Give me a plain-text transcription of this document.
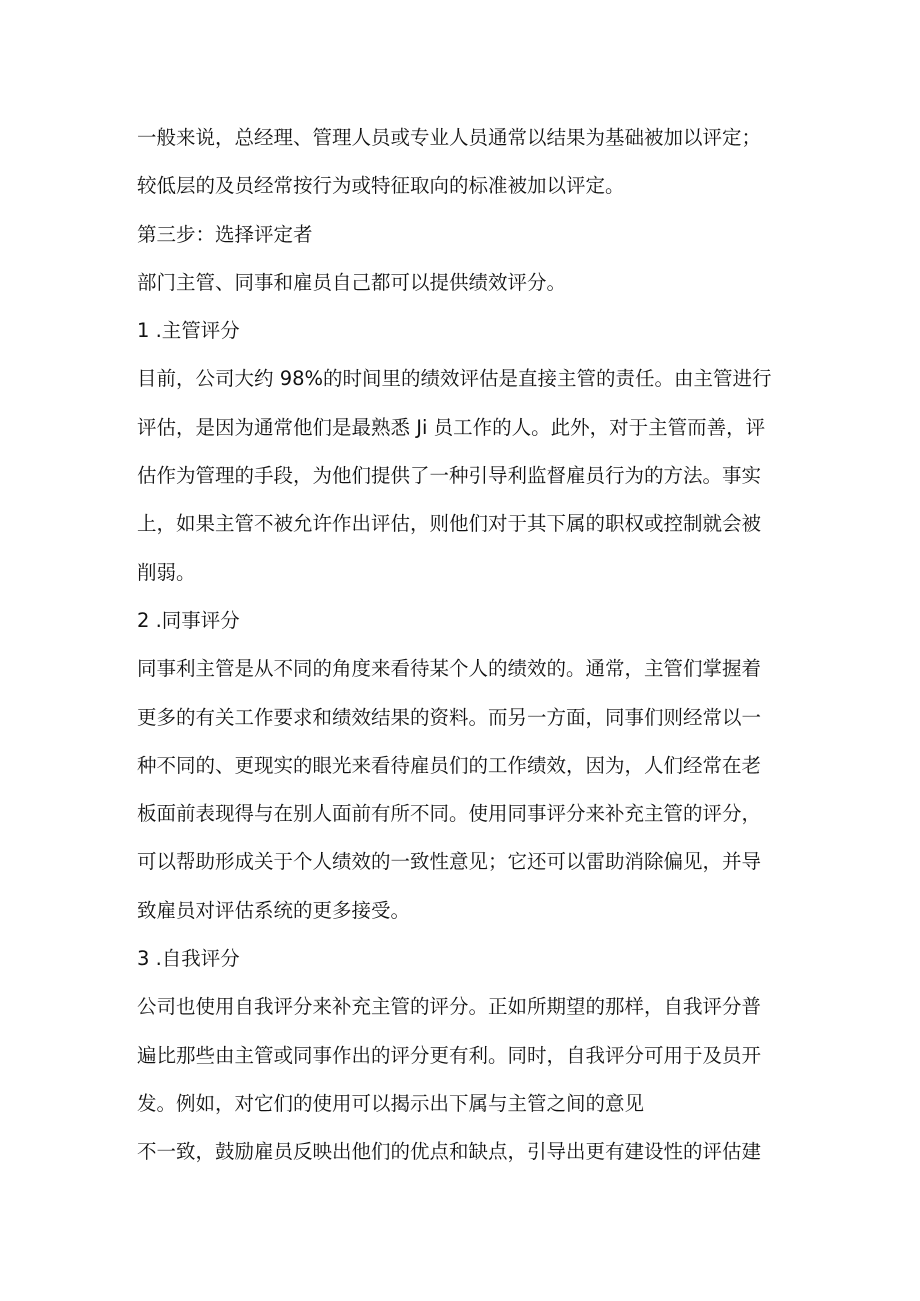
一般来说，总经理、管理人员或专业人员通常以结果为基础被加以评定；
较低层的及员经常按行为或特征取向的标准被加以评定。
第三步：选择评定者
部门主管、同事和雇员自己都可以提供绩效评分。
1 .主管评分
目前，公司大约 98%的时间里的绩效评估是直接主管的责任。由主管进行
评估，是因为通常他们是最熟悉 Ji 员工作的人。此外，对于主管而善，评
估作为管理的手段，为他们提供了一种引导利监督雇员行为的方法。事实
上，如果主管不被允许作出评估，则他们对于其下属的职权或控制就会被
削弱。
2 .同事评分
同事利主管是从不同的角度来看待某个人的绩效的。通常，主管们掌握着
更多的有关工作要求和绩效结果的资料。而另一方面，同事们则经常以一
种不同的、更现实的眼光来看待雇员们的工作绩效，因为，人们经常在老
板面前表现得与在别人面前有所不同。使用同事评分来补充主管的评分，
可以帮助形成关于个人绩效的一致性意见；它还可以雷助消除偏见，并导
致雇员对评估系统的更多接受。
3 .自我评分
公司也使用自我评分来补充主管的评分。正如所期望的那样，自我评分普
遍比那些由主管或同事作出的评分更有利。同时，自我评分可用于及员开
发。例如，对它们的使用可以揭示出下属与主管之间的意见
不一致，鼓励雇员反映出他们的优点和缺点，引导出更有建设性的评估建
